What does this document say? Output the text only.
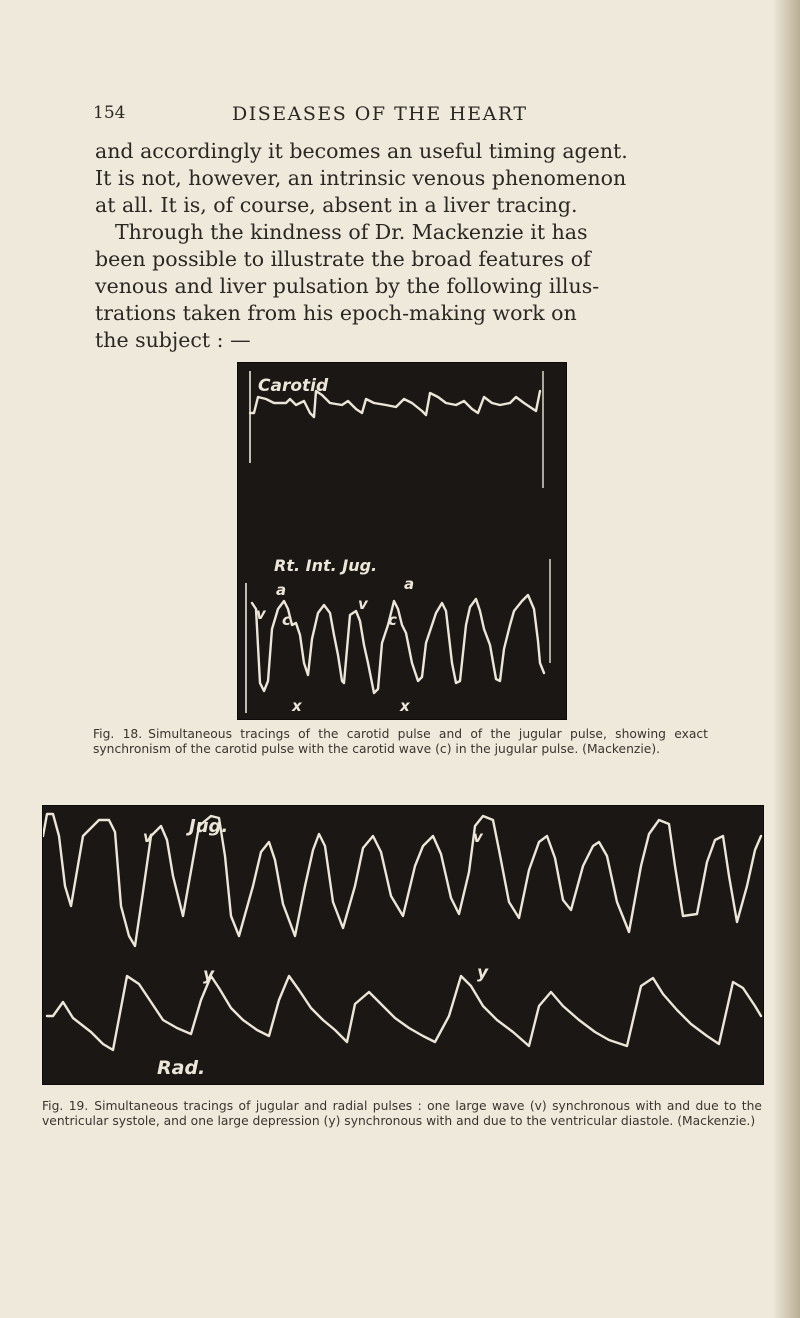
154	DISEASES OF THE HEART
and accordingly it becomes an useful timing agent.
It is not, however, an intrinsic venous phenomenon
at all. It is, of course, absent in a liver tracing.
Through the kindness of Dr. Mackenzie it has
been possible to illustrate the broad features of
venous and liver pulsation by the following illus-
trations taken from his epoch-making work on
the subject : —
Carotid
Rt. Int. Jug.
a	a
v
v
c	c
x	x
Fig. 18. Simultaneous tracings of the carotid pulse and of the jugular pulse, showing exact synchronism of the carotid pulse with the carotid wave (c) in the jugular pulse. (Mackenzie).
Jug.
v	v
y	y
Rad.
Fig. 19. Simultaneous tracings of jugular and radial pulses : one large wave (v) synchronous with and due to the ventricular systole, and one large depression (y) synchronous with and due to the ventricular diastole. (Mackenzie.)
